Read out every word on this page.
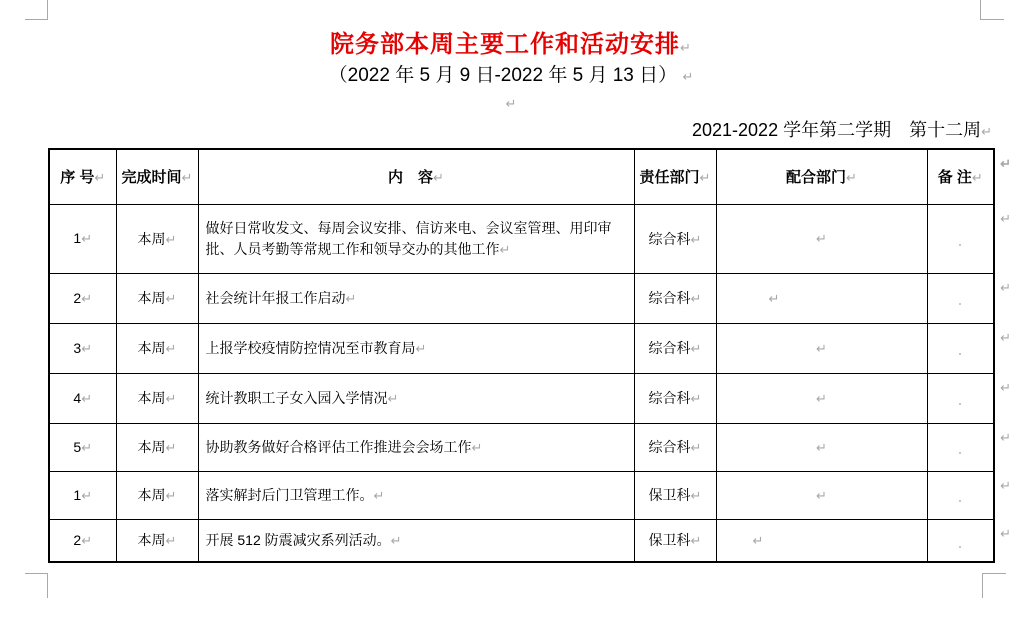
院务部本周主要工作和活动安排↵
（2022 年 5 月 9 日-2022 年 5 月 13 日） ↵
↵
2021-2022 学年第二学期　第十二周↵
序 号↵	完成时间↵	内　容↵	责任部门↵	配合部门↵	备 注↵
↵

1↵	本周↵	做好日常收发文、每周会议安排、信访来电、会议室管理、用印审批、人员考勤等常规工作和领导交办的其他工作↵	综合科↵	↵	↵

2↵	本周↵	社会统计年报工作启动↵	综合科↵	↵	↵

3↵	本周↵	上报学校疫情防控情况至市教育局↵	综合科↵	↵	↵

4↵	本周↵	统计教职工子女入园入学情况↵	综合科↵	↵	↵

5↵	本周↵	协助教务做好合格评估工作推进会会场工作↵	综合科↵	↵	↵

1↵	本周↵	落实解封后门卫管理工作。↵	保卫科↵	↵	↵

2↵	本周↵	开展 512 防震减灾系列活动。↵	保卫科↵	↵	↵
